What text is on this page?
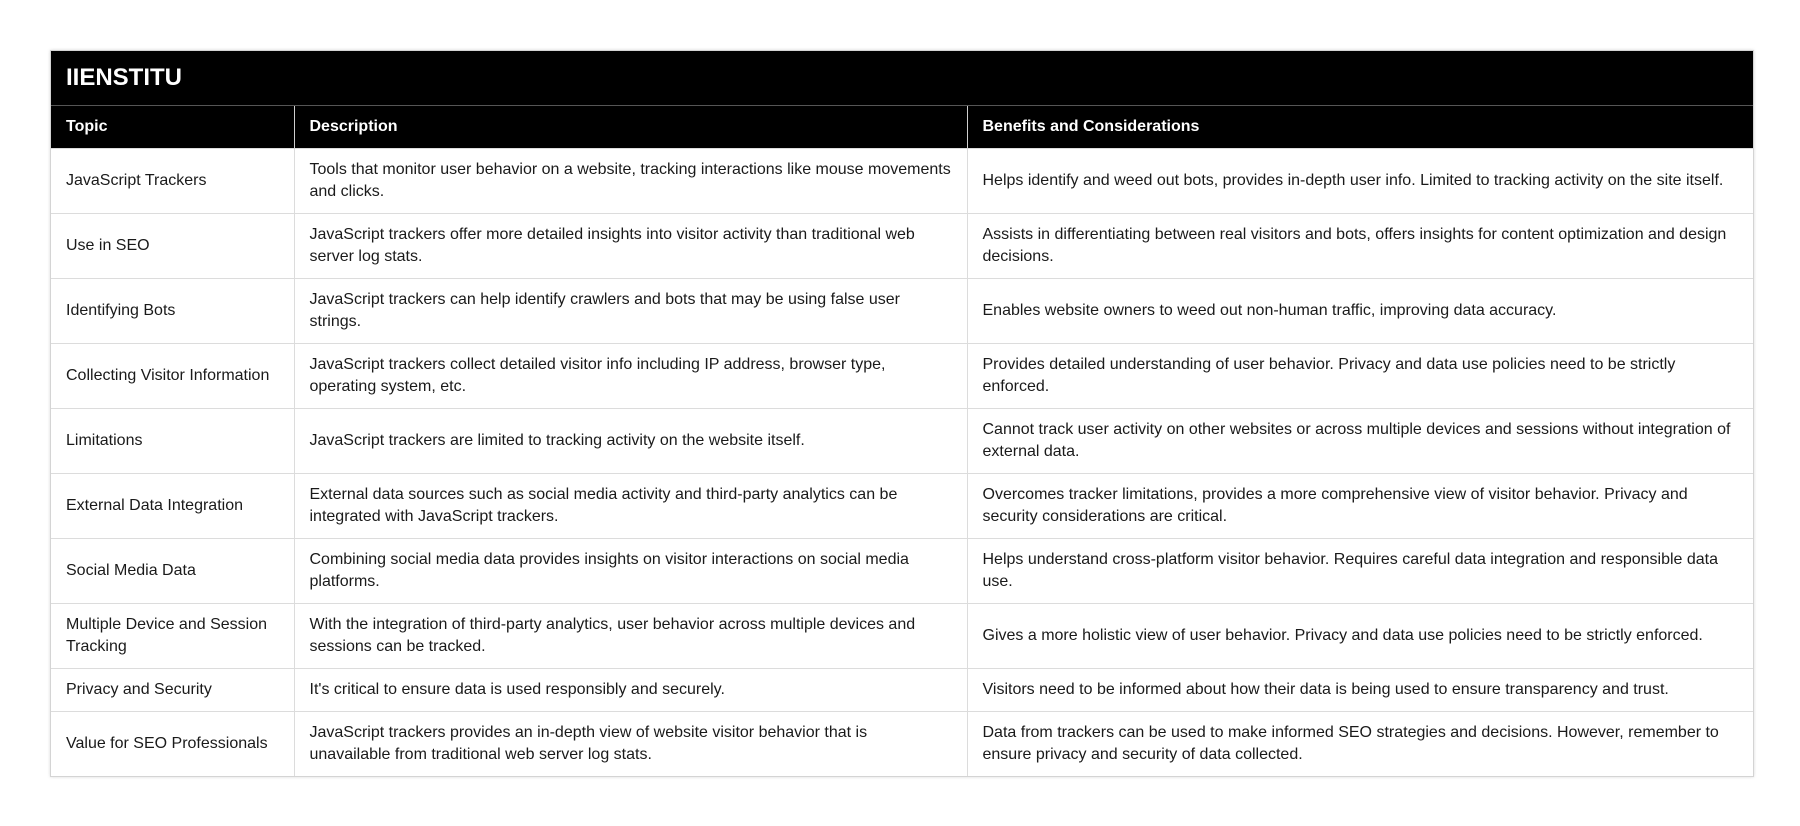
IIENSTITU
Topic	Description	Benefits and Considerations
JavaScript Trackers	Tools that monitor user behavior on a website, tracking interactions like mouse movements and clicks.	Helps identify and weed out bots, provides in-depth user info. Limited to tracking activity on the site itself.
Use in SEO	JavaScript trackers offer more detailed insights into visitor activity than traditional web server log stats.	Assists in differentiating between real visitors and bots, offers insights for content optimization and design decisions.
Identifying Bots	JavaScript trackers can help identify crawlers and bots that may be using false user strings.	Enables website owners to weed out non-human traffic, improving data accuracy.
Collecting Visitor Information	JavaScript trackers collect detailed visitor info including IP address, browser type, operating system, etc.	Provides detailed understanding of user behavior. Privacy and data use policies need to be strictly enforced.
Limitations	JavaScript trackers are limited to tracking activity on the website itself.	Cannot track user activity on other websites or across multiple devices and sessions without integration of external data.
External Data Integration	External data sources such as social media activity and third-party analytics can be integrated with JavaScript trackers.	Overcomes tracker limitations, provides a more comprehensive view of visitor behavior. Privacy and security considerations are critical.
Social Media Data	Combining social media data provides insights on visitor interactions on social media platforms.	Helps understand cross-platform visitor behavior. Requires careful data integration and responsible data use.
Multiple Device and Session Tracking	With the integration of third-party analytics, user behavior across multiple devices and sessions can be tracked.	Gives a more holistic view of user behavior. Privacy and data use policies need to be strictly enforced.
Privacy and Security	It's critical to ensure data is used responsibly and securely.	Visitors need to be informed about how their data is being used to ensure transparency and trust.
Value for SEO Professionals	JavaScript trackers provides an in-depth view of website visitor behavior that is unavailable from traditional web server log stats.	Data from trackers can be used to make informed SEO strategies and decisions. However, remember to ensure privacy and security of data collected.
